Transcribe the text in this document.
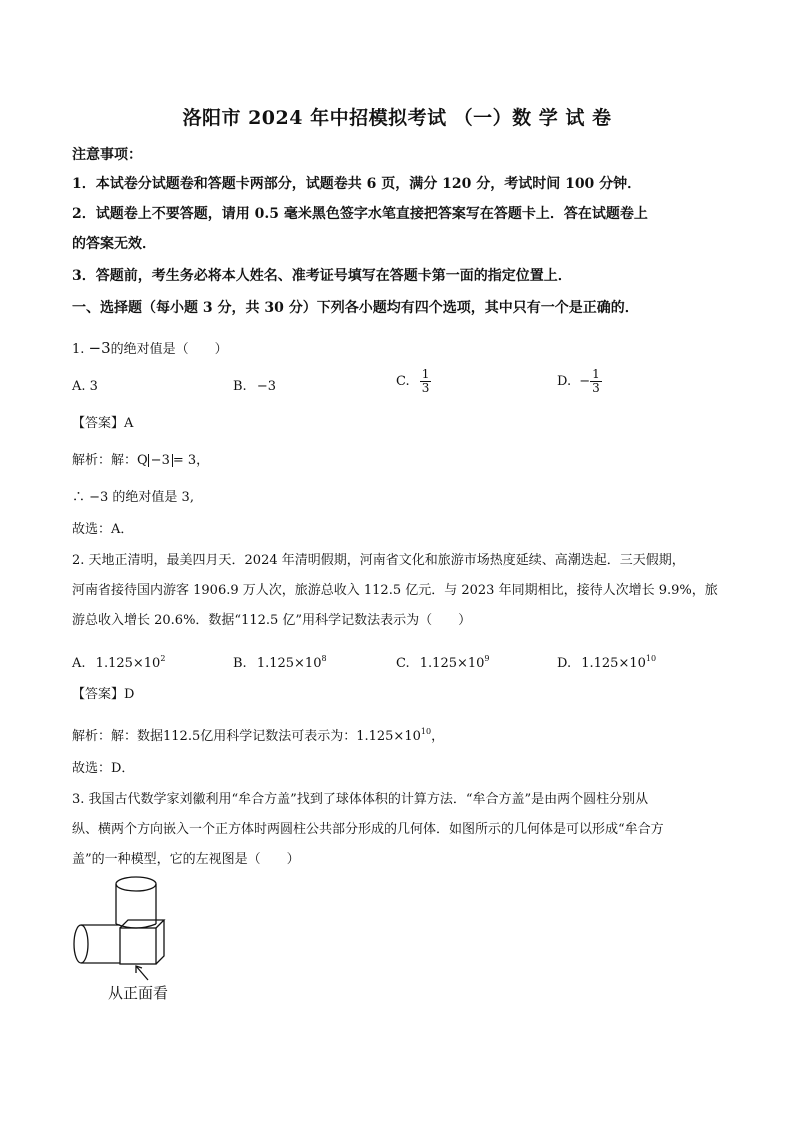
洛阳市 2024 年中招模拟考试 （一）数 学 试 卷
注意事项：
1．本试卷分试题卷和答题卡两部分，试题卷共 6 页，满分 120 分，考试时间 100 分钟．
2．试题卷上不要答题，请用 0.5 毫米黑色签字水笔直接把答案写在答题卡上．答在试题卷上
的答案无效．
3．答题前，考生务必将本人姓名、准考证号填写在答题卡第一面的指定位置上．
一、选择题（每小题 3 分，共 30 分）下列各小题均有四个选项，其中只有一个是正确的．
1. −3的绝对值是（　　）
A. 3	B. −3	C. $\frac{1}{3}$	D. − $\frac{1}{3}$
【答案】A
解析：解：Q −3 = 3，
∴ −3 的绝对值是 3,
故选：A．
2. 天地正清明，最美四月天．2024 年清明假期，河南省文化和旅游市场热度延续、高潮迭起．三天假期，
河南省接待国内游客 1906.9 万人次，旅游总收入 112.5 亿元．与 2023 年同期相比，接待人次增长 9.9%，旅
游总收入增长 20.6%．数据“112.5 亿”用科学记数法表示为（　　）
A. $1.125\times 10^2$	B. $1.125\times 10^8$	C. $1.125\times 10^9$	D. $1.125\times 10^{10}$
【答案】D
解析：解：数据112.5亿用科学记数法可表示为：$1.125\times 10^{10}$，
故选：D．
3. 我国古代数学家刘徽利用“牟合方盖”找到了球体体积的计算方法．“牟合方盖”是由两个圆柱分别从
纵、横两个方向嵌入一个正方体时两圆柱公共部分形成的几何体．如图所示的几何体是可以形成“牟合方
盖”的一种模型，它的左视图是（　　）
从正面看
